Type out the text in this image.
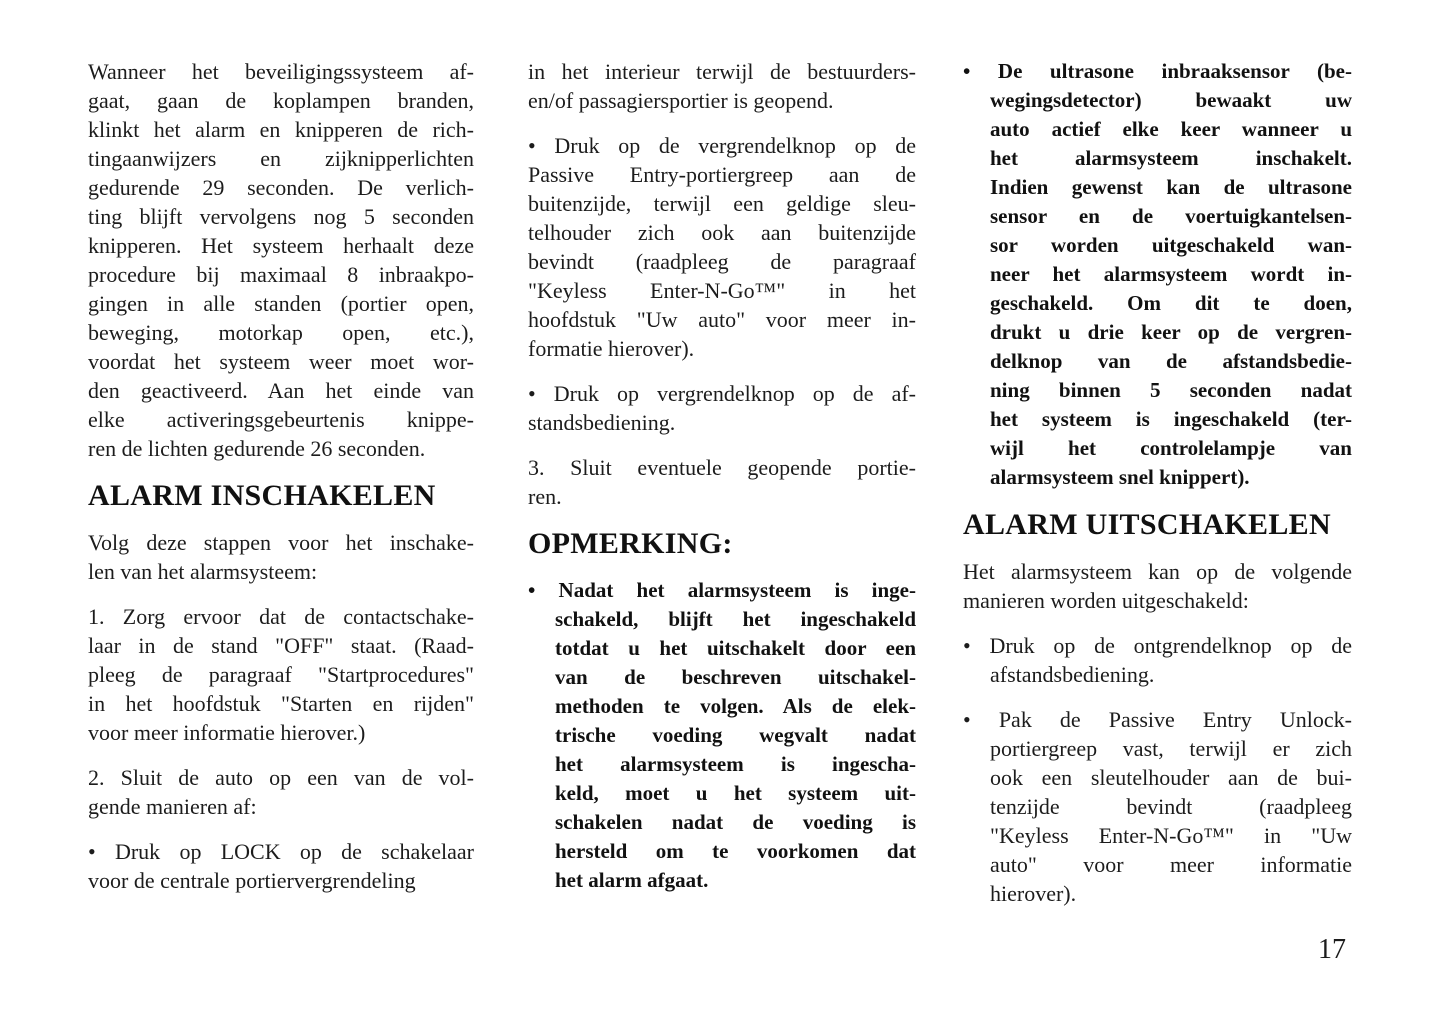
Wanneer het beveiligingssysteem af-
gaat, gaan de koplampen branden,
klinkt het alarm en knipperen de rich-
tingaanwijzers en zijknipperlichten
gedurende 29 seconden. De verlich-
ting blijft vervolgens nog 5 seconden
knipperen. Het systeem herhaalt deze
procedure bij maximaal 8 inbraakpo-
gingen in alle standen (portier open,
beweging, motorkap open, etc.),
voordat het systeem weer moet wor-
den geactiveerd. Aan het einde van
elke activeringsgebeurtenis knippe-
ren de lichten gedurende 26 seconden.
ALARM INSCHAKELEN
Volg deze stappen voor het inschake-
len van het alarmsysteem:
1. Zorg ervoor dat de contactschake-
laar in de stand "OFF" staat. (Raad-
pleeg de paragraaf "Startprocedures"
in het hoofdstuk "Starten en rijden"
voor meer informatie hierover.)
2. Sluit de auto op een van de vol-
gende manieren af:
• Druk op LOCK op de schakelaar
voor de centrale portiervergrendeling
in het interieur terwijl de bestuurders-
en/of passagiersportier is geopend.
• Druk op de vergrendelknop op de
Passive Entry-portiergreep aan de
buitenzijde, terwijl een geldige sleu-
telhouder zich ook aan buitenzijde
bevindt (raadpleeg de paragraaf
"Keyless Enter-N-Go™" in het
hoofdstuk "Uw auto" voor meer in-
formatie hierover).
• Druk op vergrendelknop op de af-
standsbediening.
3. Sluit eventuele geopende portie-
ren.
OPMERKING:
• Nadat het alarmsysteem is inge-
schakeld, blijft het ingeschakeld
totdat u het uitschakelt door een
van de beschreven uitschakel-
methoden te volgen. Als de elek-
trische voeding wegvalt nadat
het alarmsysteem is ingescha-
keld, moet u het systeem uit-
schakelen nadat de voeding is
hersteld om te voorkomen dat
het alarm afgaat.
• De ultrasone inbraaksensor (be-
wegingsdetector) bewaakt uw
auto actief elke keer wanneer u
het alarmsysteem inschakelt.
Indien gewenst kan de ultrasone
sensor en de voertuigkantelsen-
sor worden uitgeschakeld wan-
neer het alarmsysteem wordt in-
geschakeld. Om dit te doen,
drukt u drie keer op de vergren-
delknop van de afstandsbedie-
ning binnen 5 seconden nadat
het systeem is ingeschakeld (ter-
wijl het controlelampje van
alarmsysteem snel knippert).
ALARM UITSCHAKELEN
Het alarmsysteem kan op de volgende
manieren worden uitgeschakeld:
• Druk op de ontgrendelknop op de
afstandsbediening.
• Pak de Passive Entry Unlock-
portiergreep vast, terwijl er zich
ook een sleutelhouder aan de bui-
tenzijde bevindt (raadpleeg
"Keyless Enter-N-Go™" in "Uw
auto" voor meer informatie
hierover).
17
